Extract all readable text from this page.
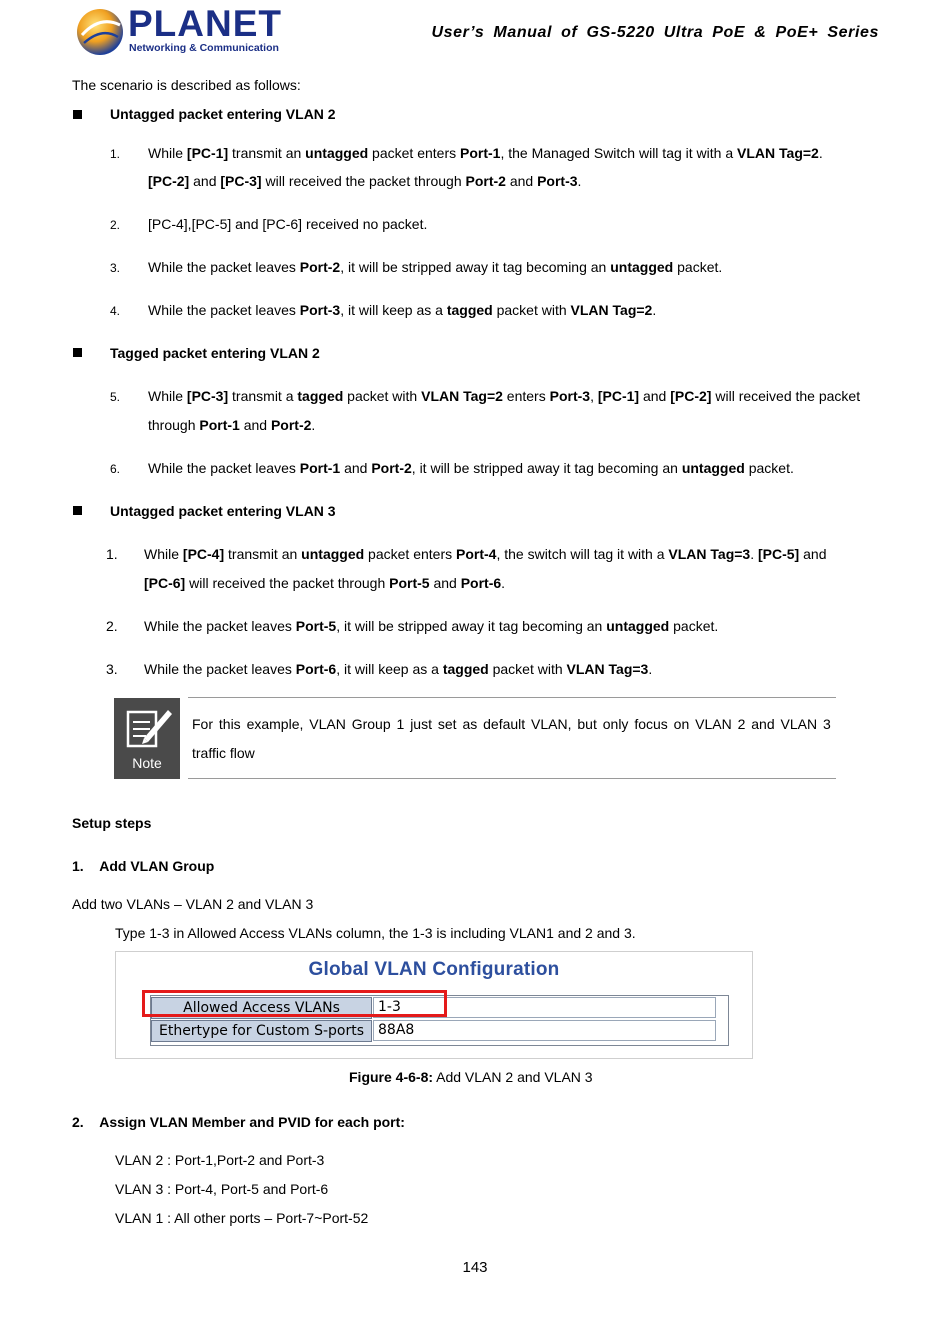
PLANET
Networking & Communication
User’s Manual of GS-5220 Ultra PoE & PoE+ Series
The scenario is described as follows:
Untagged packet entering VLAN 2
1. While [PC-1] transmit an untagged packet enters Port-1, the Managed Switch will tag it with a VLAN Tag=2.
[PC-2] and [PC-3] will received the packet through Port-2 and Port-3.
2. [PC-4],[PC-5] and [PC-6] received no packet.
3. While the packet leaves Port-2, it will be stripped away it tag becoming an untagged packet.
4. While the packet leaves Port-3, it will keep as a tagged packet with VLAN Tag=2.
Tagged packet entering VLAN 2
5. While [PC-3] transmit a tagged packet with VLAN Tag=2 enters Port-3, [PC-1] and [PC-2] will received the packet
through Port-1 and Port-2.
6. While the packet leaves Port-1 and Port-2, it will be stripped away it tag becoming an untagged packet.
Untagged packet entering VLAN 3
1. While [PC-4] transmit an untagged packet enters Port-4, the switch will tag it with a VLAN Tag=3. [PC-5] and
[PC-6] will received the packet through Port-5 and Port-6.
2. While the packet leaves Port-5, it will be stripped away it tag becoming an untagged packet.
3. While the packet leaves Port-6, it will keep as a tagged packet with VLAN Tag=3.
Note
For this example, VLAN Group 1 just set as default VLAN, but only focus on VLAN 2 and VLAN 3
traffic flow
Setup steps
1.    Add VLAN Group
Add two VLANs – VLAN 2 and VLAN 3
Type 1-3 in Allowed Access VLANs column, the 1-3 is including VLAN1 and 2 and 3.
Global VLAN Configuration
Allowed Access VLANs	1-3
Ethertype for Custom S-ports 88A8
Figure 4-6-8: Add VLAN 2 and VLAN 3
2.    Assign VLAN Member and PVID for each port:
VLAN 2 : Port-1,Port-2 and Port-3
VLAN 3 : Port-4, Port-5 and Port-6
VLAN 1 : All other ports – Port-7~Port-52
143
